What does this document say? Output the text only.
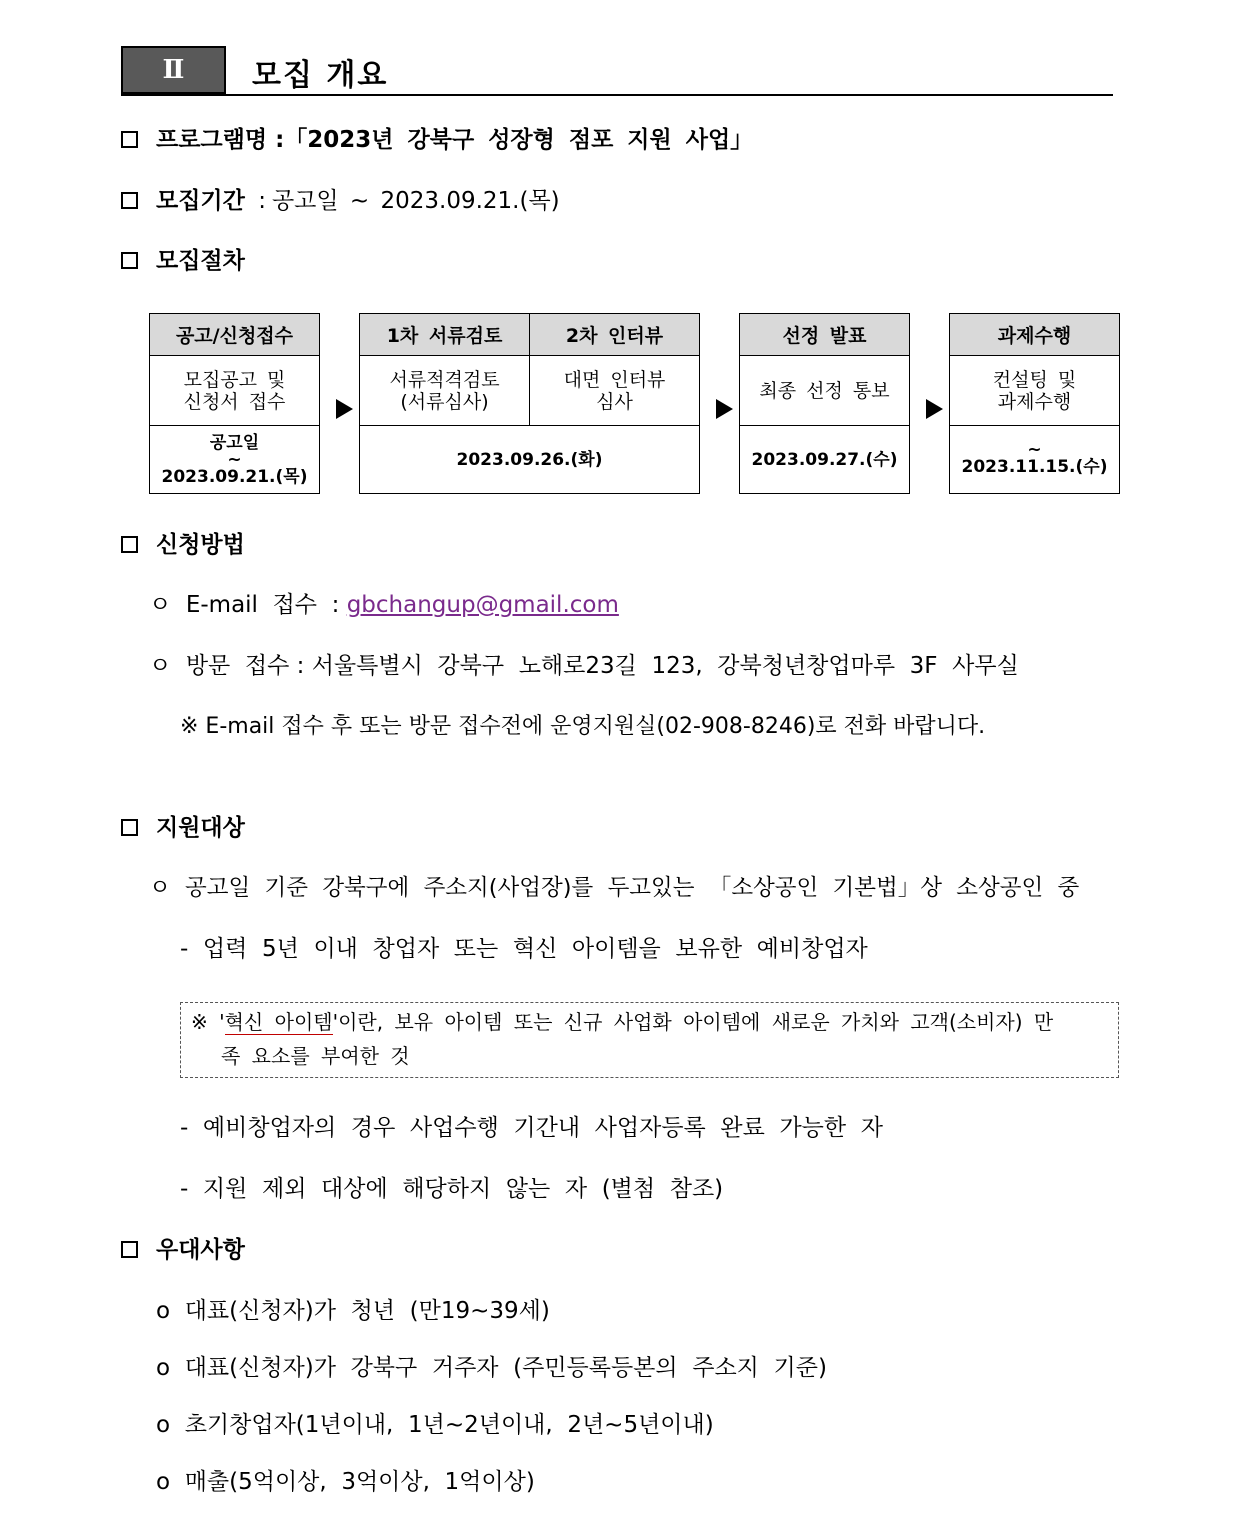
Ⅱ	모집 개요
프로그램명 :「2023년 강북구 성장형 점포 지원 사업」
모집기간 : 공고일 ~ 2023.09.21.(목)
모집절차
공고/신청접수
모집공고 및
신청서 접수
공고일
~
2023.09.21.(목)
1차 서류검토
서류적격검토
(서류심사)
2차 인터뷰
대면 인터뷰
심사
2023.09.26.(화)
선정 발표
최종 선정 통보
2023.09.27.(수)
과제수행
컨설팅 및
과제수행
~
2023.11.15.(수)
신청방법
ㅇ  E-mail  접수  : gbchangup@gmail.com
ㅇ  방문  접수 : 서울특별시  강북구  노해로23길  123,  강북청년창업마루  3F  사무실
※ E-mail 접수 후 또는 방문 접수전에 운영지원실(02-908-8246)로 전화 바랍니다.
지원대상
ㅇ  공고일  기준  강북구에  주소지(사업장)를  두고있는  「소상공인  기본법」상  소상공인  중
-  업력  5년  이내  창업자  또는  혁신  아이템을  보유한  예비창업자
※ '혁신 아이템'이란, 보유 아이템 또는 신규 사업화 아이템에 새로운 가치와 고객(소비자) 만
족 요소를 부여한 것
-  예비창업자의  경우  사업수행  기간내  사업자등록  완료  가능한  자
-  지원  제외  대상에  해당하지  않는  자  (별첨  참조)
우대사항
o  대표(신청자)가  청년  (만19~39세)
o  대표(신청자)가  강북구  거주자  (주민등록등본의  주소지  기준)
o  초기창업자(1년이내,  1년~2년이내,  2년~5년이내)
o  매출(5억이상,  3억이상,  1억이상)
